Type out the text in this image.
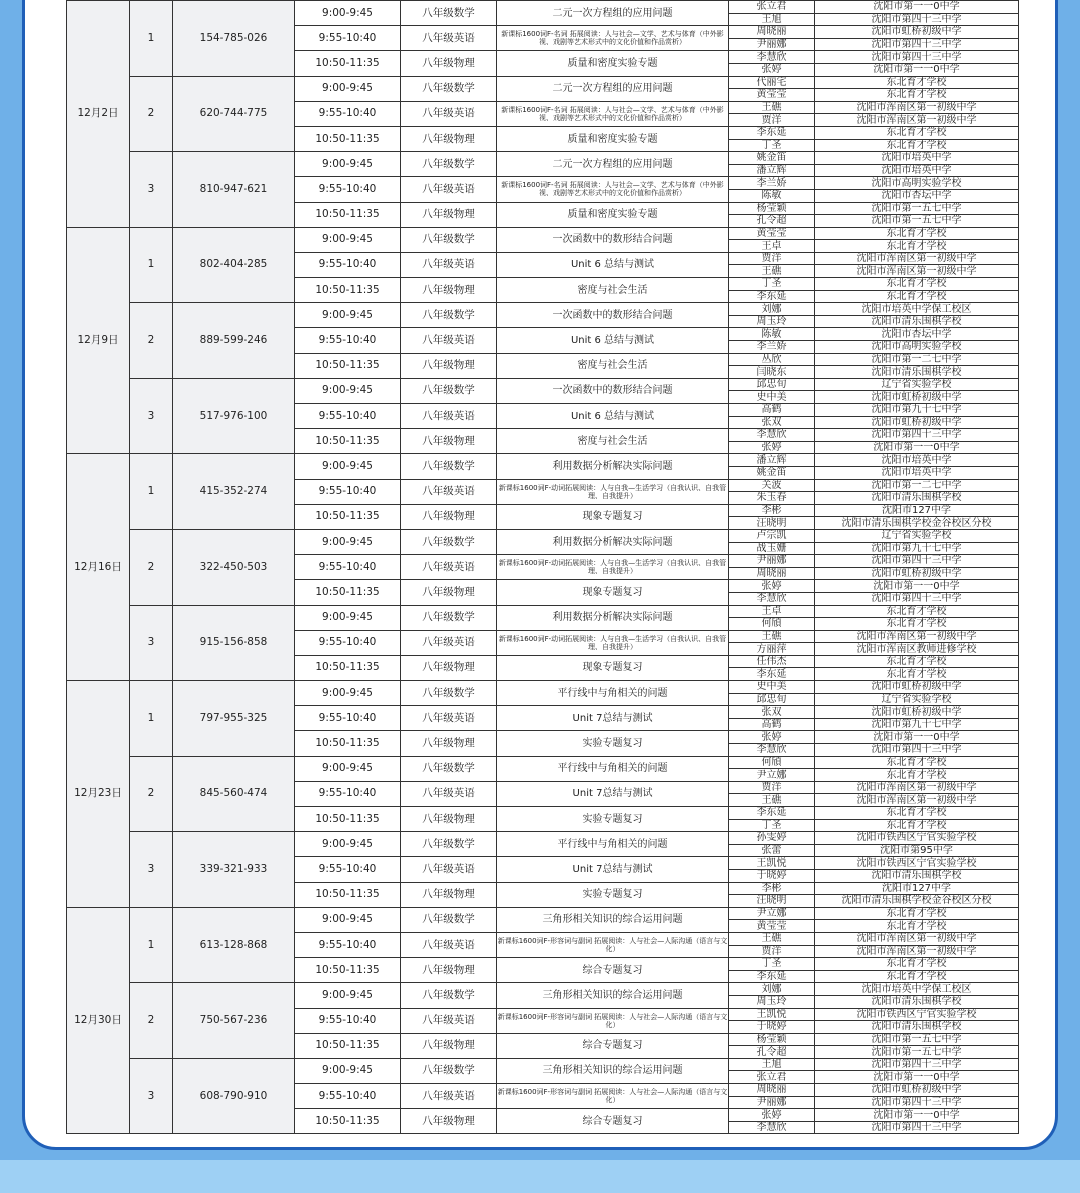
12月2日	1	154-785-026	9:00-9:45	八年级数学	二元一次方程组的应用问题	张立君	沈阳市第一一0中学
						王旭	沈阳市第四十三中学
			9:55-10:40	八年级英语	新课标1600词F-名词 拓展阅读：人与社会—文学、艺术与体育（中外影视、戏剧等艺术形式中的文化价值和作品赏析）	周晓丽	沈阳市虹桥初级中学
						尹丽娜	沈阳市第四十三中学
			10:50-11:35	八年级物理	质量和密度实验专题	李慧欣	沈阳市第四十三中学
						张婷	沈阳市第一一0中学
	2	620-744-775	9:00-9:45	八年级数学	二元一次方程组的应用问题	代丽宅	东北育才学校
						黄莹莹	东北育才学校
			9:55-10:40	八年级英语	新课标1600词F-名词 拓展阅读：人与社会—文学、艺术与体育（中外影视、戏剧等艺术形式中的文化价值和作品赏析）	王礁	沈阳市浑南区第一初级中学
						贾洋	沈阳市浑南区第一初级中学
			10:50-11:35	八年级物理	质量和密度实验专题	李东延	东北育才学校
						丁圣	东北育才学校
	3	810-947-621	9:00-9:45	八年级数学	二元一次方程组的应用问题	姚金笛	沈阳市培英中学
						潘立辉	沈阳市培英中学
			9:55-10:40	八年级英语	新课标1600词F-名词 拓展阅读：人与社会—文学、艺术与体育（中外影视、戏剧等艺术形式中的文化价值和作品赏析）	李兰娇	沈阳市高明实验学校
						陈敏	沈阳市杏坛中学
			10:50-11:35	八年级物理	质量和密度实验专题	杨莹颖	沈阳市第一五七中学
						孔令超	沈阳市第一五七中学
12月9日	1	802-404-285	9:00-9:45	八年级数学	一次函数中的数形结合问题	黄莹莹	东北育才学校
						王卓	东北育才学校
			9:55-10:40	八年级英语	Unit 6 总结与测试	贾洋	沈阳市浑南区第一初级中学
						王礁	沈阳市浑南区第一初级中学
			10:50-11:35	八年级物理	密度与社会生活	丁圣	东北育才学校
						李东延	东北育才学校
	2	889-599-246	9:00-9:45	八年级数学	一次函数中的数形结合问题	刘娜	沈阳市培英中学保工校区
						周玉玲	沈阳市清乐围棋学校
			9:55-10:40	八年级英语	Unit 6 总结与测试	陈敏	沈阳市杏坛中学
						李兰娇	沈阳市高明实验学校
			10:50-11:35	八年级物理	密度与社会生活	丛欣	沈阳市第一二七中学
						闫晓东	沈阳市清乐围棋学校
	3	517-976-100	9:00-9:45	八年级数学	一次函数中的数形结合问题	邱忠旬	辽宁省实验学校
						史中美	沈阳市虹桥初级中学
			9:55-10:40	八年级英语	Unit 6 总结与测试	高鹤	沈阳市第九十七中学
						张双	沈阳市虹桥初级中学
			10:50-11:35	八年级物理	密度与社会生活	李慧欣	沈阳市第四十三中学
						张婷	沈阳市第一一0中学
12月16日	1	415-352-274	9:00-9:45	八年级数学	利用数据分析解决实际问题	潘立辉	沈阳市培英中学
						姚金笛	沈阳市培英中学
			9:55-10:40	八年级英语	新课标1600词F-动词拓展阅读：人与自我—生活学习（自我认识、自我管理、自我提升）	关波	沈阳市第一二七中学
						朱玉春	沈阳市清乐围棋学校
			10:50-11:35	八年级物理	现象专题复习	李彬	沈阳市127中学
						汪晓明	沈阳市清乐围棋学校金谷校区分校
	2	322-450-503	9:00-9:45	八年级数学	利用数据分析解决实际问题	卢宗凯	辽宁省实验学校
						战玉姗	沈阳市第九十七中学
			9:55-10:40	八年级英语	新课标1600词F-动词拓展阅读：人与自我—生活学习（自我认识、自我管理、自我提升）	尹丽娜	沈阳市第四十三中学
						周晓丽	沈阳市虹桥初级中学
			10:50-11:35	八年级物理	现象专题复习	张婷	沈阳市第一一0中学
						李慧欣	沈阳市第四十三中学
	3	915-156-858	9:00-9:45	八年级数学	利用数据分析解决实际问题	王卓	东北育才学校
						何頎	东北育才学校
			9:55-10:40	八年级英语	新课标1600词F-动词拓展阅读：人与自我—生活学习（自我认识、自我管理、自我提升）	王礁	沈阳市浑南区第一初级中学
						方丽萍	沈阳市浑南区教师进修学校
			10:50-11:35	八年级物理	现象专题复习	任伟杰	东北育才学校
						李东延	东北育才学校
12月23日	1	797-955-325	9:00-9:45	八年级数学	平行线中与角相关的问题	史中美	沈阳市虹桥初级中学
						邱忠旬	辽宁省实验学校
			9:55-10:40	八年级英语	Unit 7总结与测试	张双	沈阳市虹桥初级中学
						高鹤	沈阳市第九十七中学
			10:50-11:35	八年级物理	实验专题复习	张婷	沈阳市第一一0中学
						李慧欣	沈阳市第四十三中学
	2	845-560-474	9:00-9:45	八年级数学	平行线中与角相关的问题	何頎	东北育才学校
						尹立娜	东北育才学校
			9:55-10:40	八年级英语	Unit 7总结与测试	贾洋	沈阳市浑南区第一初级中学
						王礁	沈阳市浑南区第一初级中学
			10:50-11:35	八年级物理	实验专题复习	李东延	东北育才学校
						丁圣	东北育才学校
	3	339-321-933	9:00-9:45	八年级数学	平行线中与角相关的问题	孙雯婷	沈阳市铁西区宁官实验学校
						张蕾	沈阳市第95中学
			9:55-10:40	八年级英语	Unit 7总结与测试	王凯悦	沈阳市铁西区宁官实验学校
						于晓婷	沈阳市清乐围棋学校
			10:50-11:35	八年级物理	实验专题复习	李彬	沈阳市127中学
						汪晓明	沈阳市清乐围棋学校金谷校区分校
12月30日	1	613-128-868	9:00-9:45	八年级数学	三角形相关知识的综合运用问题	尹立娜	东北育才学校
						黄莹莹	东北育才学校
			9:55-10:40	八年级英语	新课标1600词F-形容词与副词 拓展阅读：人与社会—人际沟通（语言与文化）	王礁	沈阳市浑南区第一初级中学
						贾洋	沈阳市浑南区第一初级中学
			10:50-11:35	八年级物理	综合专题复习	丁圣	东北育才学校
						李东延	东北育才学校
	2	750-567-236	9:00-9:45	八年级数学	三角形相关知识的综合运用问题	刘娜	沈阳市培英中学保工校区
						周玉玲	沈阳市清乐围棋学校
			9:55-10:40	八年级英语	新课标1600词F-形容词与副词 拓展阅读：人与社会—人际沟通（语言与文化）	王凯悦	沈阳市铁西区宁官实验学校
						于晓婷	沈阳市清乐围棋学校
			10:50-11:35	八年级物理	综合专题复习	杨莹颖	沈阳市第一五七中学
						孔令超	沈阳市第一五七中学
	3	608-790-910	9:00-9:45	八年级数学	三角形相关知识的综合运用问题	王旭	沈阳市第四十三中学
						张立君	沈阳市第一一0中学
			9:55-10:40	八年级英语	新课标1600词F-形容词与副词 拓展阅读：人与社会—人际沟通（语言与文化）	周晓丽	沈阳市虹桥初级中学
						尹丽娜	沈阳市第四十三中学
			10:50-11:35	八年级物理	综合专题复习	张婷	沈阳市第一一0中学
						李慧欣	沈阳市第四十三中学
